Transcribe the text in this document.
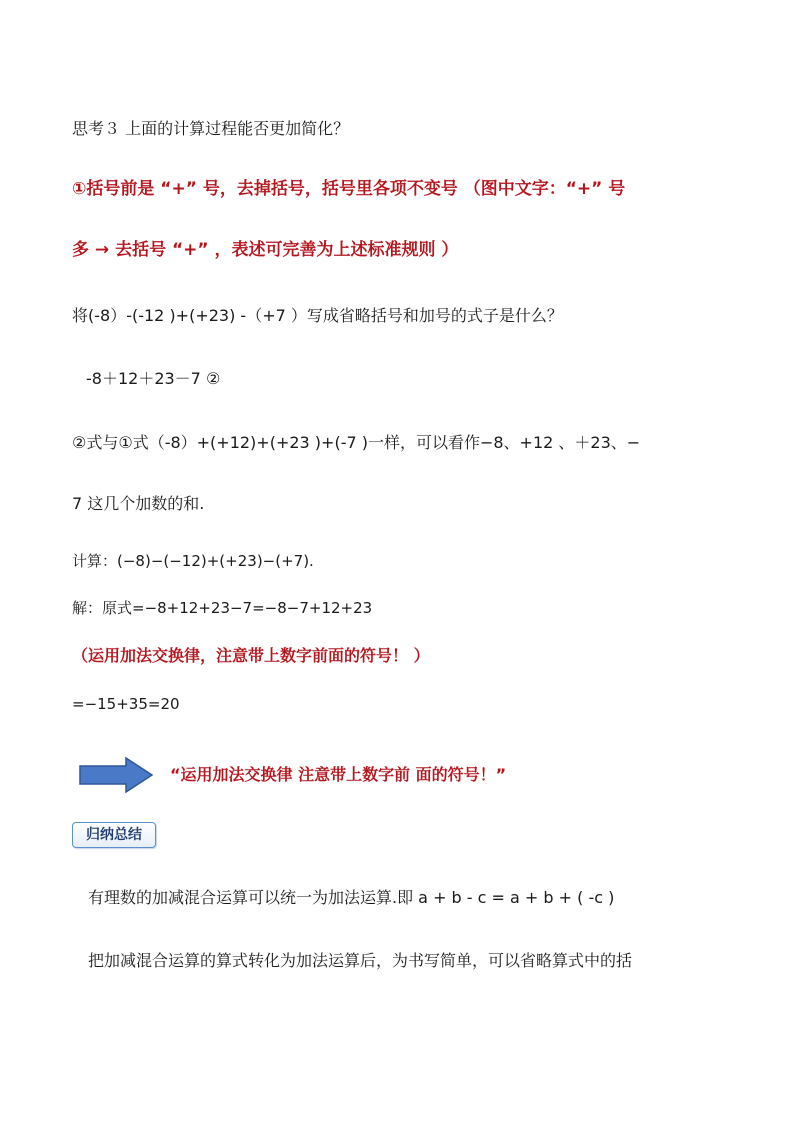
思考３ 上面的计算过程能否更加简化？
①括号前是 “+” 号，去掉括号，括号里各项不变号 （图中文字：“+” 号
多 → 去括号 “+” ，表述可完善为上述标准规则 ）
将(-8）-(-12 )+(+23) -（+7 ）写成省略括号和加号的式子是什么？
-8＋12＋23－7 ②
②式与①式（-8）+(+12)+(+23 )+(-7 )一样，可以看作−8、+12 、＋23、−
7 这几个加数的和.
计算：(−8)−(−12)+(+23)−(+7).
解：原式=−8+12+23−7=−8−7+12+23
（运用加法交换律，注意带上数字前面的符号！ ）
=−15+35=20
“运用加法交换律 注意带上数字前 面的符号！”
归纳总结
有理数的加减混合运算可以统一为加法运算.即 a + b - c = a + b + ( -c )
把加减混合运算的算式转化为加法运算后，为书写简单，可以省略算式中的括
